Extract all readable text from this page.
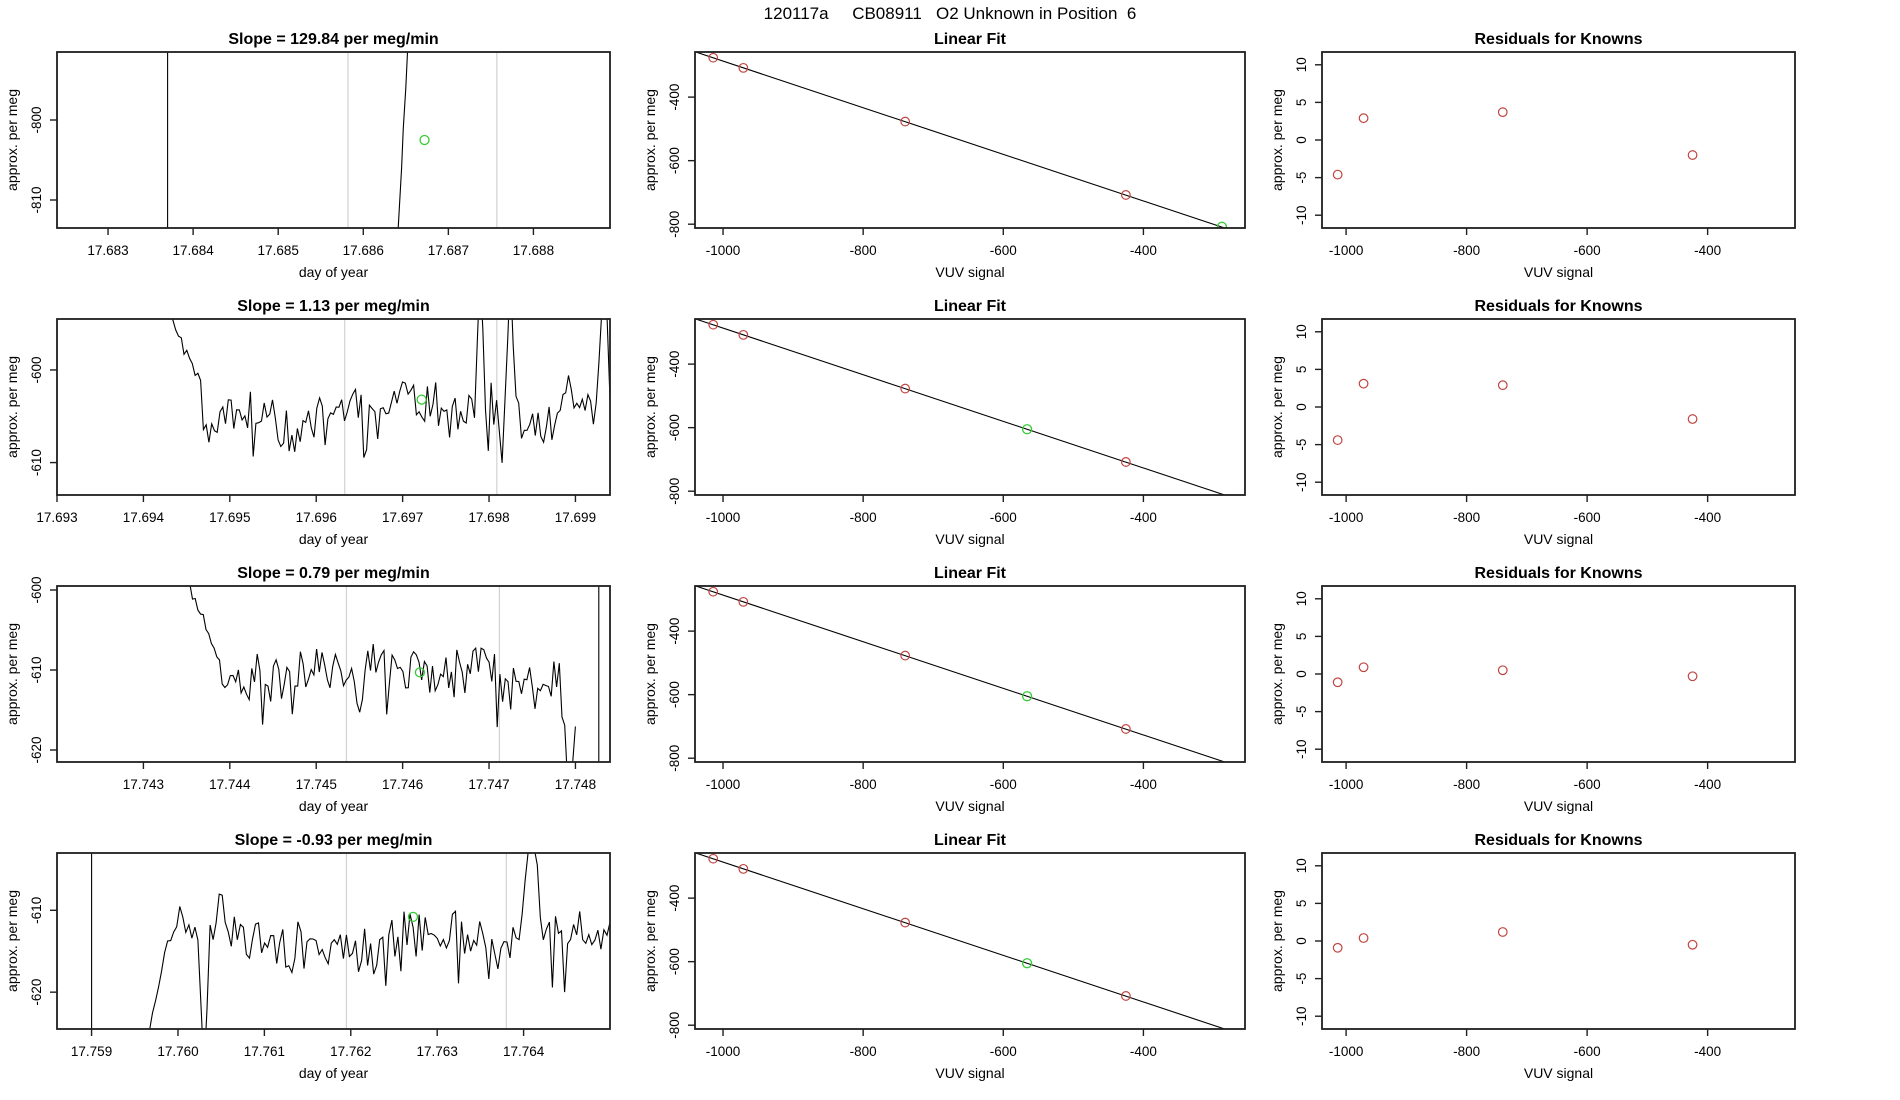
120117a     CB08911   O2 Unknown in Position  6
Slope = 129.84 per meg/min
17.683	17.684	17.685	17.686	17.687	17.688
-800
-810
day of year
approx. per meg
Linear Fit
-1000	-800	-600	-400
-800
-600
-400
VUV signal
approx. per meg
Residuals for Knowns
-1000	-800	-600	-400
-10
-5
0
5
10
VUV signal
approx. per meg
Slope = 1.13 per meg/min
17.693	17.694	17.695	17.696	17.697	17.698	17.699
-600
-610
day of year
approx. per meg
Linear Fit
-1000	-800	-600	-400
-800
-600
-400
VUV signal
approx. per meg
Residuals for Knowns
-1000	-800	-600	-400
-10
-5
0
5
10
VUV signal
approx. per meg
Slope = 0.79 per meg/min
17.743	17.744	17.745	17.746	17.747	17.748
-600
-610
-620
day of year
approx. per meg
Linear Fit
-1000	-800	-600	-400
-800
-600
-400
VUV signal
approx. per meg
Residuals for Knowns
-1000	-800	-600	-400
-10
-5
0
5
10
VUV signal
approx. per meg
Slope = -0.93 per meg/min
17.759	17.760	17.761	17.762	17.763	17.764
-610
-620
day of year
approx. per meg
Linear Fit
-1000	-800	-600	-400
-800
-600
-400
VUV signal
approx. per meg
Residuals for Knowns
-1000	-800	-600	-400
-10
-5
0
5
10
VUV signal
approx. per meg
